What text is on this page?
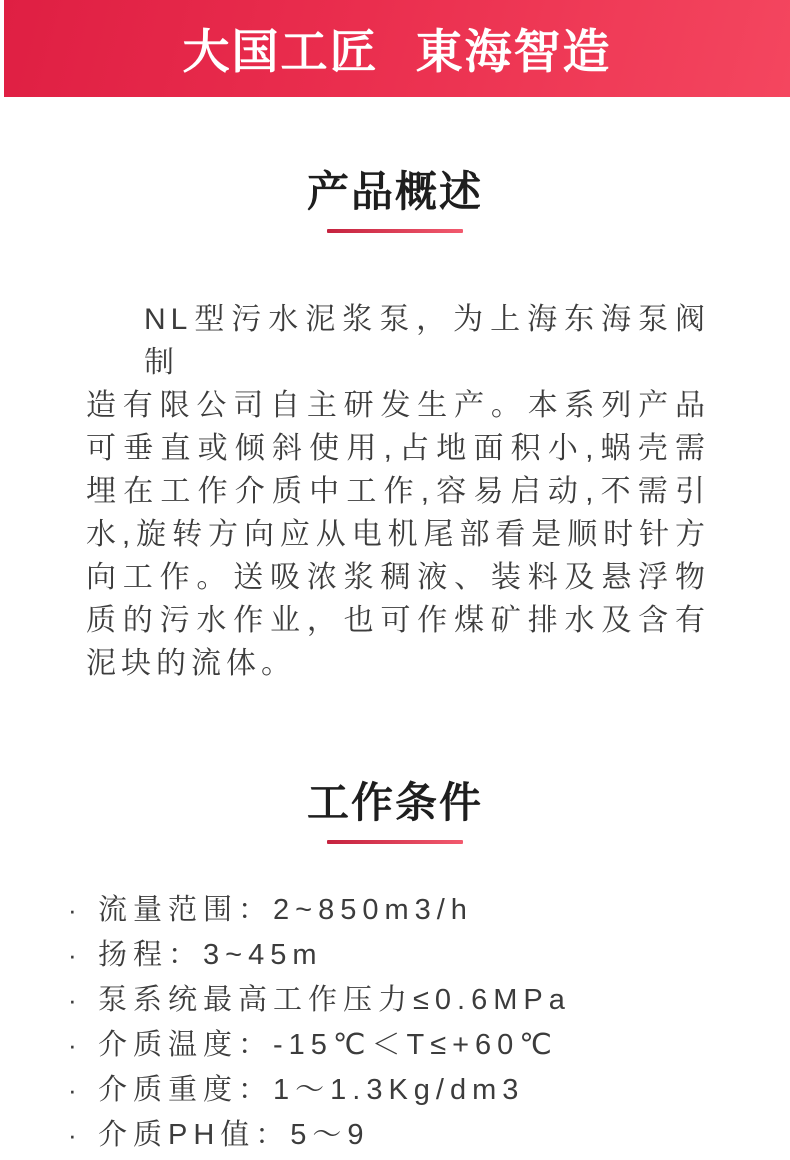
大国工匠 東海智造
产品概述
NL型污水泥浆泵，为上海东海泵阀制
造有限公司自主研发生产。本系列产品
可垂直或倾斜使用,占地面积小,蜗壳需
埋在工作介质中工作,容易启动,不需引
水,旋转方向应从电机尾部看是顺时针方
向工作。送吸浓浆稠液、装料及悬浮物
质的污水作业，也可作煤矿排水及含有
泥块的流体。
工作条件
· 流量范围：2~850m3/h
· 扬程：3~45m
· 泵系统最高工作压力≤0.6MPa
· 介质温度：-15℃＜T≤+60℃
· 介质重度：1～1.3Kg/dm3
· 介质PH值：5～9
